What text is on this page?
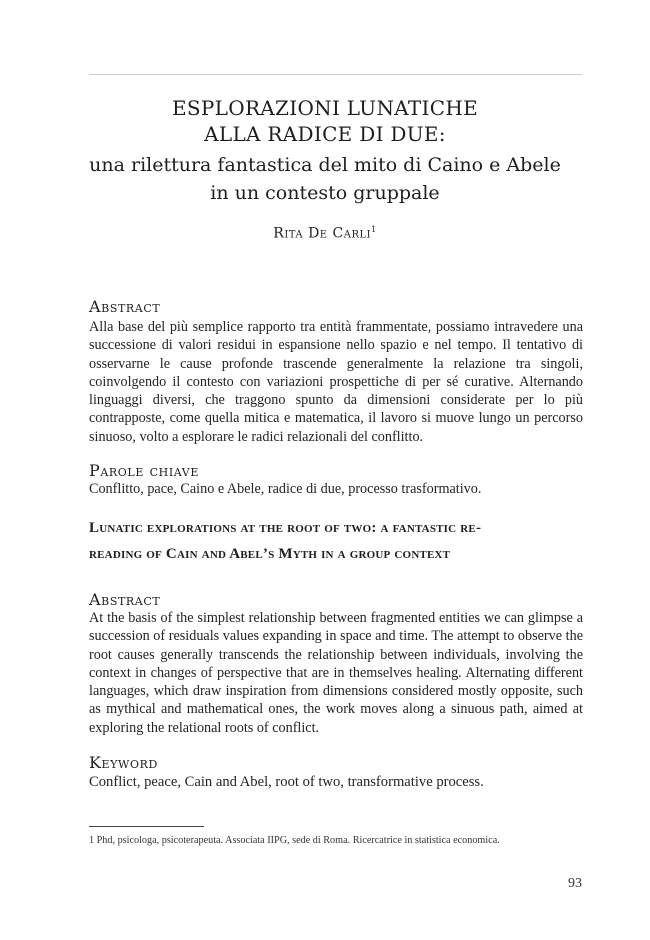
ESPLORAZIONI LUNATICHE
ALLA RADICE DI DUE:
una rilettura fantastica del mito di Caino e Abele
in un contesto gruppale
Rita De Carli$^1$
Abstract
Alla base del più semplice rapporto tra entità frammentate, possiamo intravedere una successione di valori residui in espansione nello spazio e nel tempo. Il tentativo di osservarne le cause profonde trascende generalmente la relazione tra singoli, coinvolgendo il contesto con variazioni prospettiche di per sé curative. Alternando linguaggi diversi, che traggono spunto da dimensioni considerate per lo più contrapposte, come quella mitica e matematica, il lavoro si muove lungo un percorso sinuoso, volto a esplorare le radici relazionali del conflitto.
Parole chiave
Conflitto, pace, Caino e Abele, radice di due, processo trasformativo.
Lunatic explorations at the root of two: a fantastic re-
reading of Cain and Abel’s Myth in a group context
Abstract
At the basis of the simplest relationship between fragmented entities we can glimpse a succession of residuals values expanding in space and time. The attempt to observe the root causes generally transcends the relationship between individuals, involving the context in changes of perspective that are in themselves healing. Alternating different languages, which draw inspiration from dimensions considered mostly opposite, such as mythical and mathematical ones, the work moves along a sinuous path, aimed at exploring the relational roots of conflict.
Keyword
Conflict, peace, Cain and Abel, root of two, transformative process.
1 Phd, psicologa, psicoterapeuta. Associata IIPG, sede di Roma. Ricercatrice in statistica economica.
93
